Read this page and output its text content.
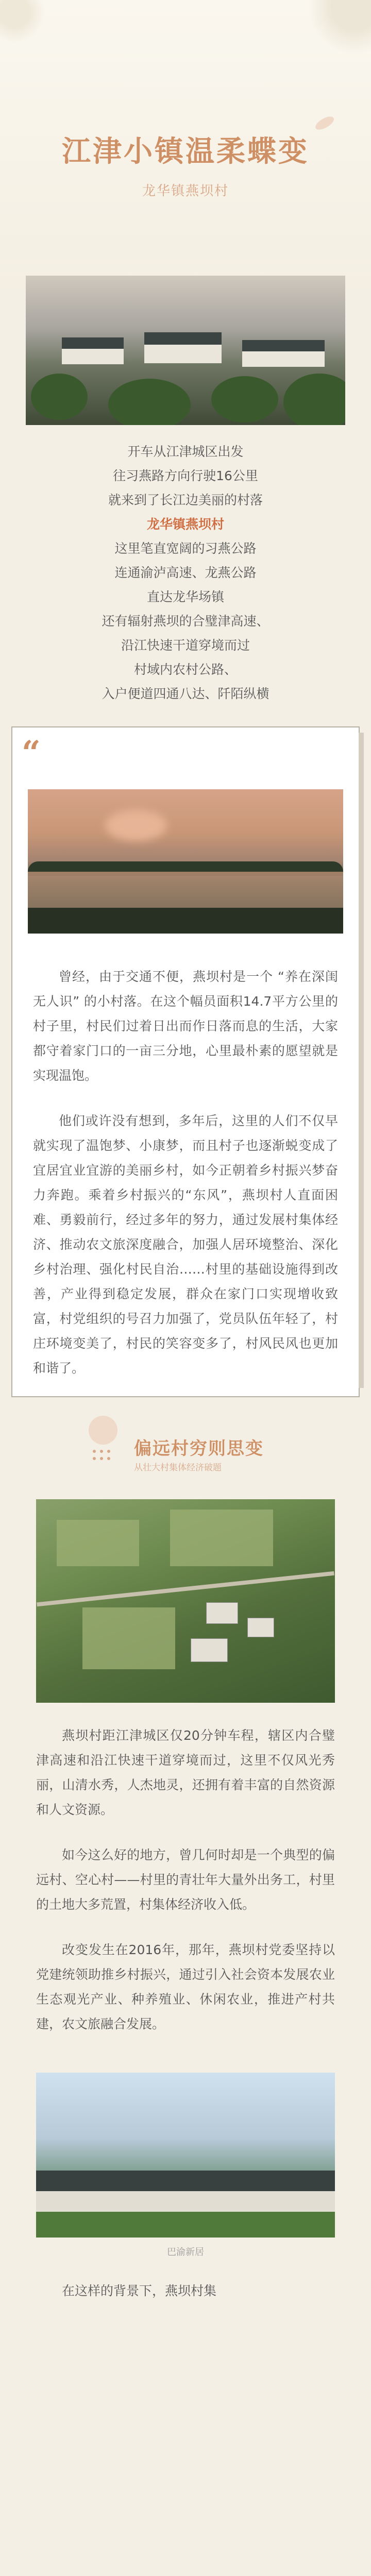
江津小镇温柔蝶变
龙华镇燕坝村
开车从江津城区出发
往习燕路方向行驶16公里
就来到了长江边美丽的村落
龙华镇燕坝村
这里笔直宽阔的习燕公路
连通渝泸高速、龙燕公路
直达龙华场镇
还有辐射燕坝的合璧津高速、
沿江快速干道穿境而过
村域内农村公路、
入户便道四通八达、阡陌纵横
“

曾经，由于交通不便，燕坝村是一个 “养在深闺无人识” 的小村落。在这个幅员面积14.7平方公里的村子里，村民们过着日出而作日落而息的生活，大家都守着家门口的一亩三分地，心里最朴素的愿望就是实现温饱。

他们或许没有想到，多年后，这里的人们不仅早就实现了温饱梦、小康梦，而且村子也逐渐蜕变成了宜居宜业宜游的美丽乡村，如今正朝着乡村振兴梦奋力奔跑。乘着乡村振兴的“东风”，燕坝村人直面困难、勇毅前行，经过多年的努力，通过发展村集体经济、推动农文旅深度融合，加强人居环境整治、深化乡村治理、强化村民自治……村里的基础设施得到改善，产业得到稳定发展，群众在家门口实现增收致富，村党组织的号召力加强了，党员队伍年轻了，村庄环境变美了，村民的笑容变多了，村风民风也更加和谐了。

偏远村穷则思变
从壮大村集体经济破题

燕坝村距江津城区仅20分钟车程，辖区内合璧津高速和沿江快速干道穿境而过，这里不仅风光秀丽，山清水秀，人杰地灵，还拥有着丰富的自然资源和人文资源。

如今这么好的地方，曾几何时却是一个典型的偏远村、空心村——村里的青壮年大量外出务工，村里的土地大多荒置，村集体经济收入低。

改变发生在2016年，那年，燕坝村党委坚持以党建统领助推乡村振兴，通过引入社会资本发展农业生态观光产业、种养殖业、休闲农业，推进产村共建，农文旅融合发展。

巴渝新居

在这样的背景下，燕坝村集
